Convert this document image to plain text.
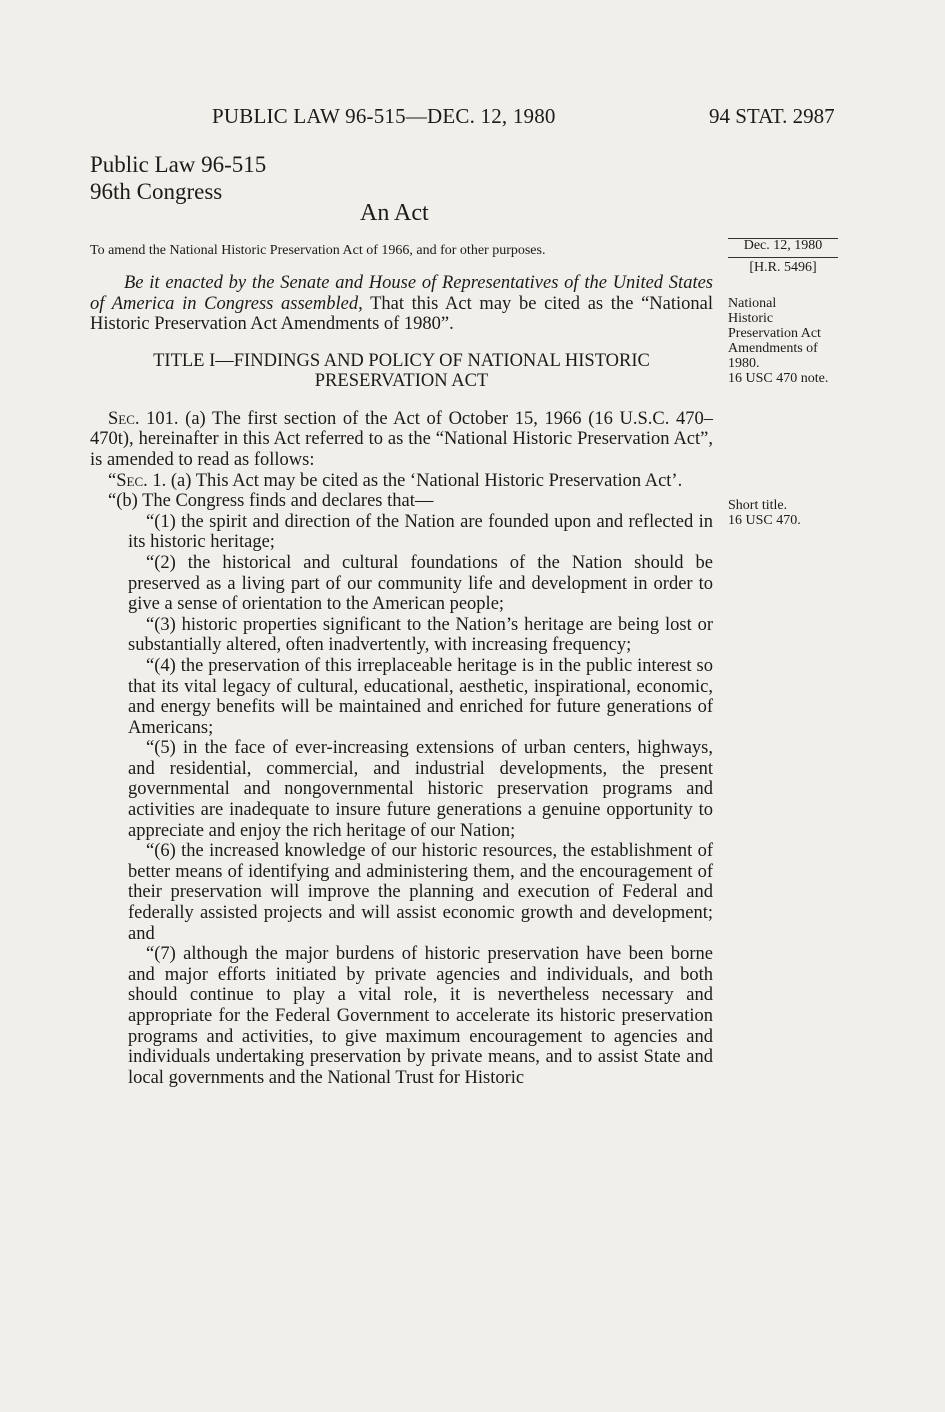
PUBLIC LAW 96-515—DEC. 12, 1980	94 STAT. 2987
Public Law 96-515
96th Congress
An Act
To amend the National Historic Preservation Act of 1966, and for other purposes.	Dec. 12, 1980
[H.R. 5496]
National
Historic
Preservation Act
Amendments of
1980.
16 USC 470 note.
Short title.
16 USC 470.

Be it enacted by the Senate and House of Representatives of the United States of America in Congress assembled, That this Act may be cited as the “National Historic Preservation Act Amendments of 1980”.

TITLE I—FINDINGS AND POLICY OF NATIONAL HISTORIC PRESERVATION ACT

Sec. 101. (a) The first section of the Act of October 15, 1966 (16 U.S.C. 470–470t), hereinafter in this Act referred to as the “National Historic Preservation Act”, is amended to read as follows:

“Sec. 1. (a) This Act may be cited as the ‘National Historic Preservation Act’.

“(b) The Congress finds and declares that—

“(1) the spirit and direction of the Nation are founded upon and reflected in its historic heritage;

“(2) the historical and cultural foundations of the Nation should be preserved as a living part of our community life and development in order to give a sense of orientation to the American people;

“(3) historic properties significant to the Nation’s heritage are being lost or substantially altered, often inadvertently, with increasing frequency;

“(4) the preservation of this irreplaceable heritage is in the public interest so that its vital legacy of cultural, educational, aesthetic, inspirational, economic, and energy benefits will be maintained and enriched for future generations of Americans;

“(5) in the face of ever-increasing extensions of urban centers, highways, and residential, commercial, and industrial developments, the present governmental and nongovernmental historic preservation programs and activities are inadequate to insure future generations a genuine opportunity to appreciate and enjoy the rich heritage of our Nation;

“(6) the increased knowledge of our historic resources, the establishment of better means of identifying and administering them, and the encouragement of their preservation will improve the planning and execution of Federal and federally assisted projects and will assist economic growth and development; and

“(7) although the major burdens of historic preservation have been borne and major efforts initiated by private agencies and individuals, and both should continue to play a vital role, it is nevertheless necessary and appropriate for the Federal Government to accelerate its historic preservation programs and activities, to give maximum encouragement to agencies and individuals undertaking preservation by private means, and to assist State and local governments and the National Trust for Historic
